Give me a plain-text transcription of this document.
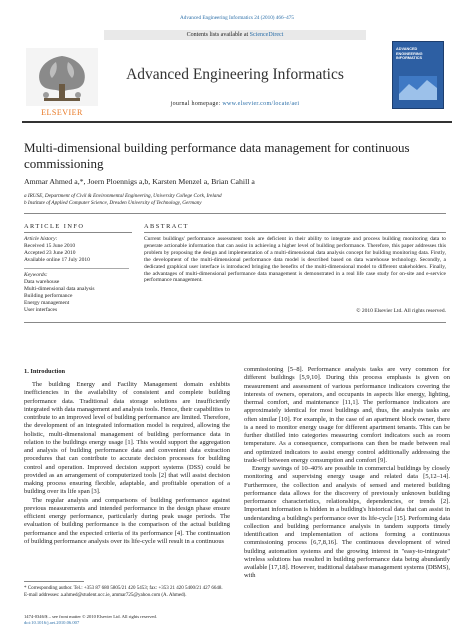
Advanced Engineering Informatics 24 (2010) 466–475
Contents lists available at ScienceDirect
ELSEVIER
Advanced Engineering Informatics
journal homepage: www.elsevier.com/locate/aei
ADVANCED ENGINEERING INFORMATICS
Multi-dimensional building performance data management for continuous commissioning
Ammar Ahmed a,*, Joern Ploennigs a,b, Karsten Menzel a, Brian Cahill a
a IRUSE, Department of Civil & Environmental Engineering, University College Cork, Ireland
b Institute of Applied Computer Science, Dresden University of Technology, Germany
ARTICLE INFO	ABSTRACT
Article history:
Received 15 June 2010
Accepted 23 June 2010
Available online 17 July 2010
Keywords:
Data warehouse
Multi-dimensional data analysis
Building performance
Energy management
User interfaces
Current buildings' performance assessment tools are deficient in their ability to integrate and process building monitoring data to generate actionable information that can assist in achieving a higher level of building performance. Therefore, this paper addresses this problem by proposing the design and implementation of a multi-dimensional data analysis concept for building monitoring data. Firstly, the development of the multi-dimensional performance data model is described based on data warehouse technology. Secondly, a dedicated graphical user interface is introduced bringing the benefits of the multi-dimensional model to different stakeholders. Finally, the advantages of multi-dimensional performance data management is demonstrated in a real life case study for on-site and e-service performance management.
© 2010 Elsevier Ltd. All rights reserved.
1. Introduction

The building Energy and Facility Management domain exhibits inefficiencies in the availability of consistent and complete building performance data. Traditional data storage solutions are insufficiently integrated with data management and analysis tools. Hence, their capabilities to contribute to an improved level of building performance are limited. Therefore, the development of an integrated information model is required, allowing the holistic, multi-dimensional management of building performance data in relation to the buildings energy usage [1]. This would support the aggregation and analysis of building performance data and convenient data extraction procedures that can contribute to accurate decision processes for building control and operation. Improved decision support systems (DSS) could be provided as an arrangement of computerized tools [2] that will assist decision making process ensuring flexible, adaptable, and profitable operation of a building over its life span [3].

The regular analysis and comparisons of building performance against previous measurements and intended performance in the design phase ensure efficient energy performance, particularly during peak usage periods. The evaluation of building performance is the comparison of the actual building performance and the expected criteria of its performance [4]. The continuation of building performance analysis over its life-cycle will result in a continuous

* Corresponding author. Tel.: +353 87 680 5805/21 420 5453; fax: +353 21 420 5400/21 427 6648.
E-mail addresses: a.ahmed@student.ucc.ie, ammar725@yahoo.com (A. Ahmed).
1474-0346/$ – see front matter © 2010 Elsevier Ltd. All rights reserved.
doi:10.1016/j.aei.2010.06.007

commissioning [5–8]. Performance analysis tasks are very common for different buildings [5,9,10]. During this process emphasis is given on measurement and assessment of various performance indicators covering the interests of owners, operators, and occupants in aspects like energy, lighting, thermal comfort, and maintenance [11,1]. The performance indicators are approximately identical for most buildings and, thus, the analysis tasks are often similar [10]. For example, in the case of an apartment block owner, there is a need to monitor energy usage for different apartment tenants. This can be further distilled into categories measuring comfort indicators such as room temperature. As a consequence, comparisons can then be made between real and optimized indicators to assist energy control additionally addressing the trade-off between energy consumption and comfort [9].

Energy savings of 10–40% are possible in commercial buildings by closely monitoring and supervising energy usage and related data [5,12–14]. Furthermore, the collection and analysis of sensed and metered building performance data allows for the discovery of previously unknown building performance characteristics, relationships, dependencies, or trends [2]. Important information is hidden in a building's historical data that can assist in understanding a building's performance over its life-cycle [15]. Performing data collection and building performance analysis in tandem supports timely identification and implementation of actions forming a continuous commissioning process [6,7,8,16]. The continuous development of wired building automation systems and the growing interest in "easy-to-integrate" wireless solutions has resulted in building performance data being abundantly available [17,18]. However, traditional database management systems (DBMS), with
